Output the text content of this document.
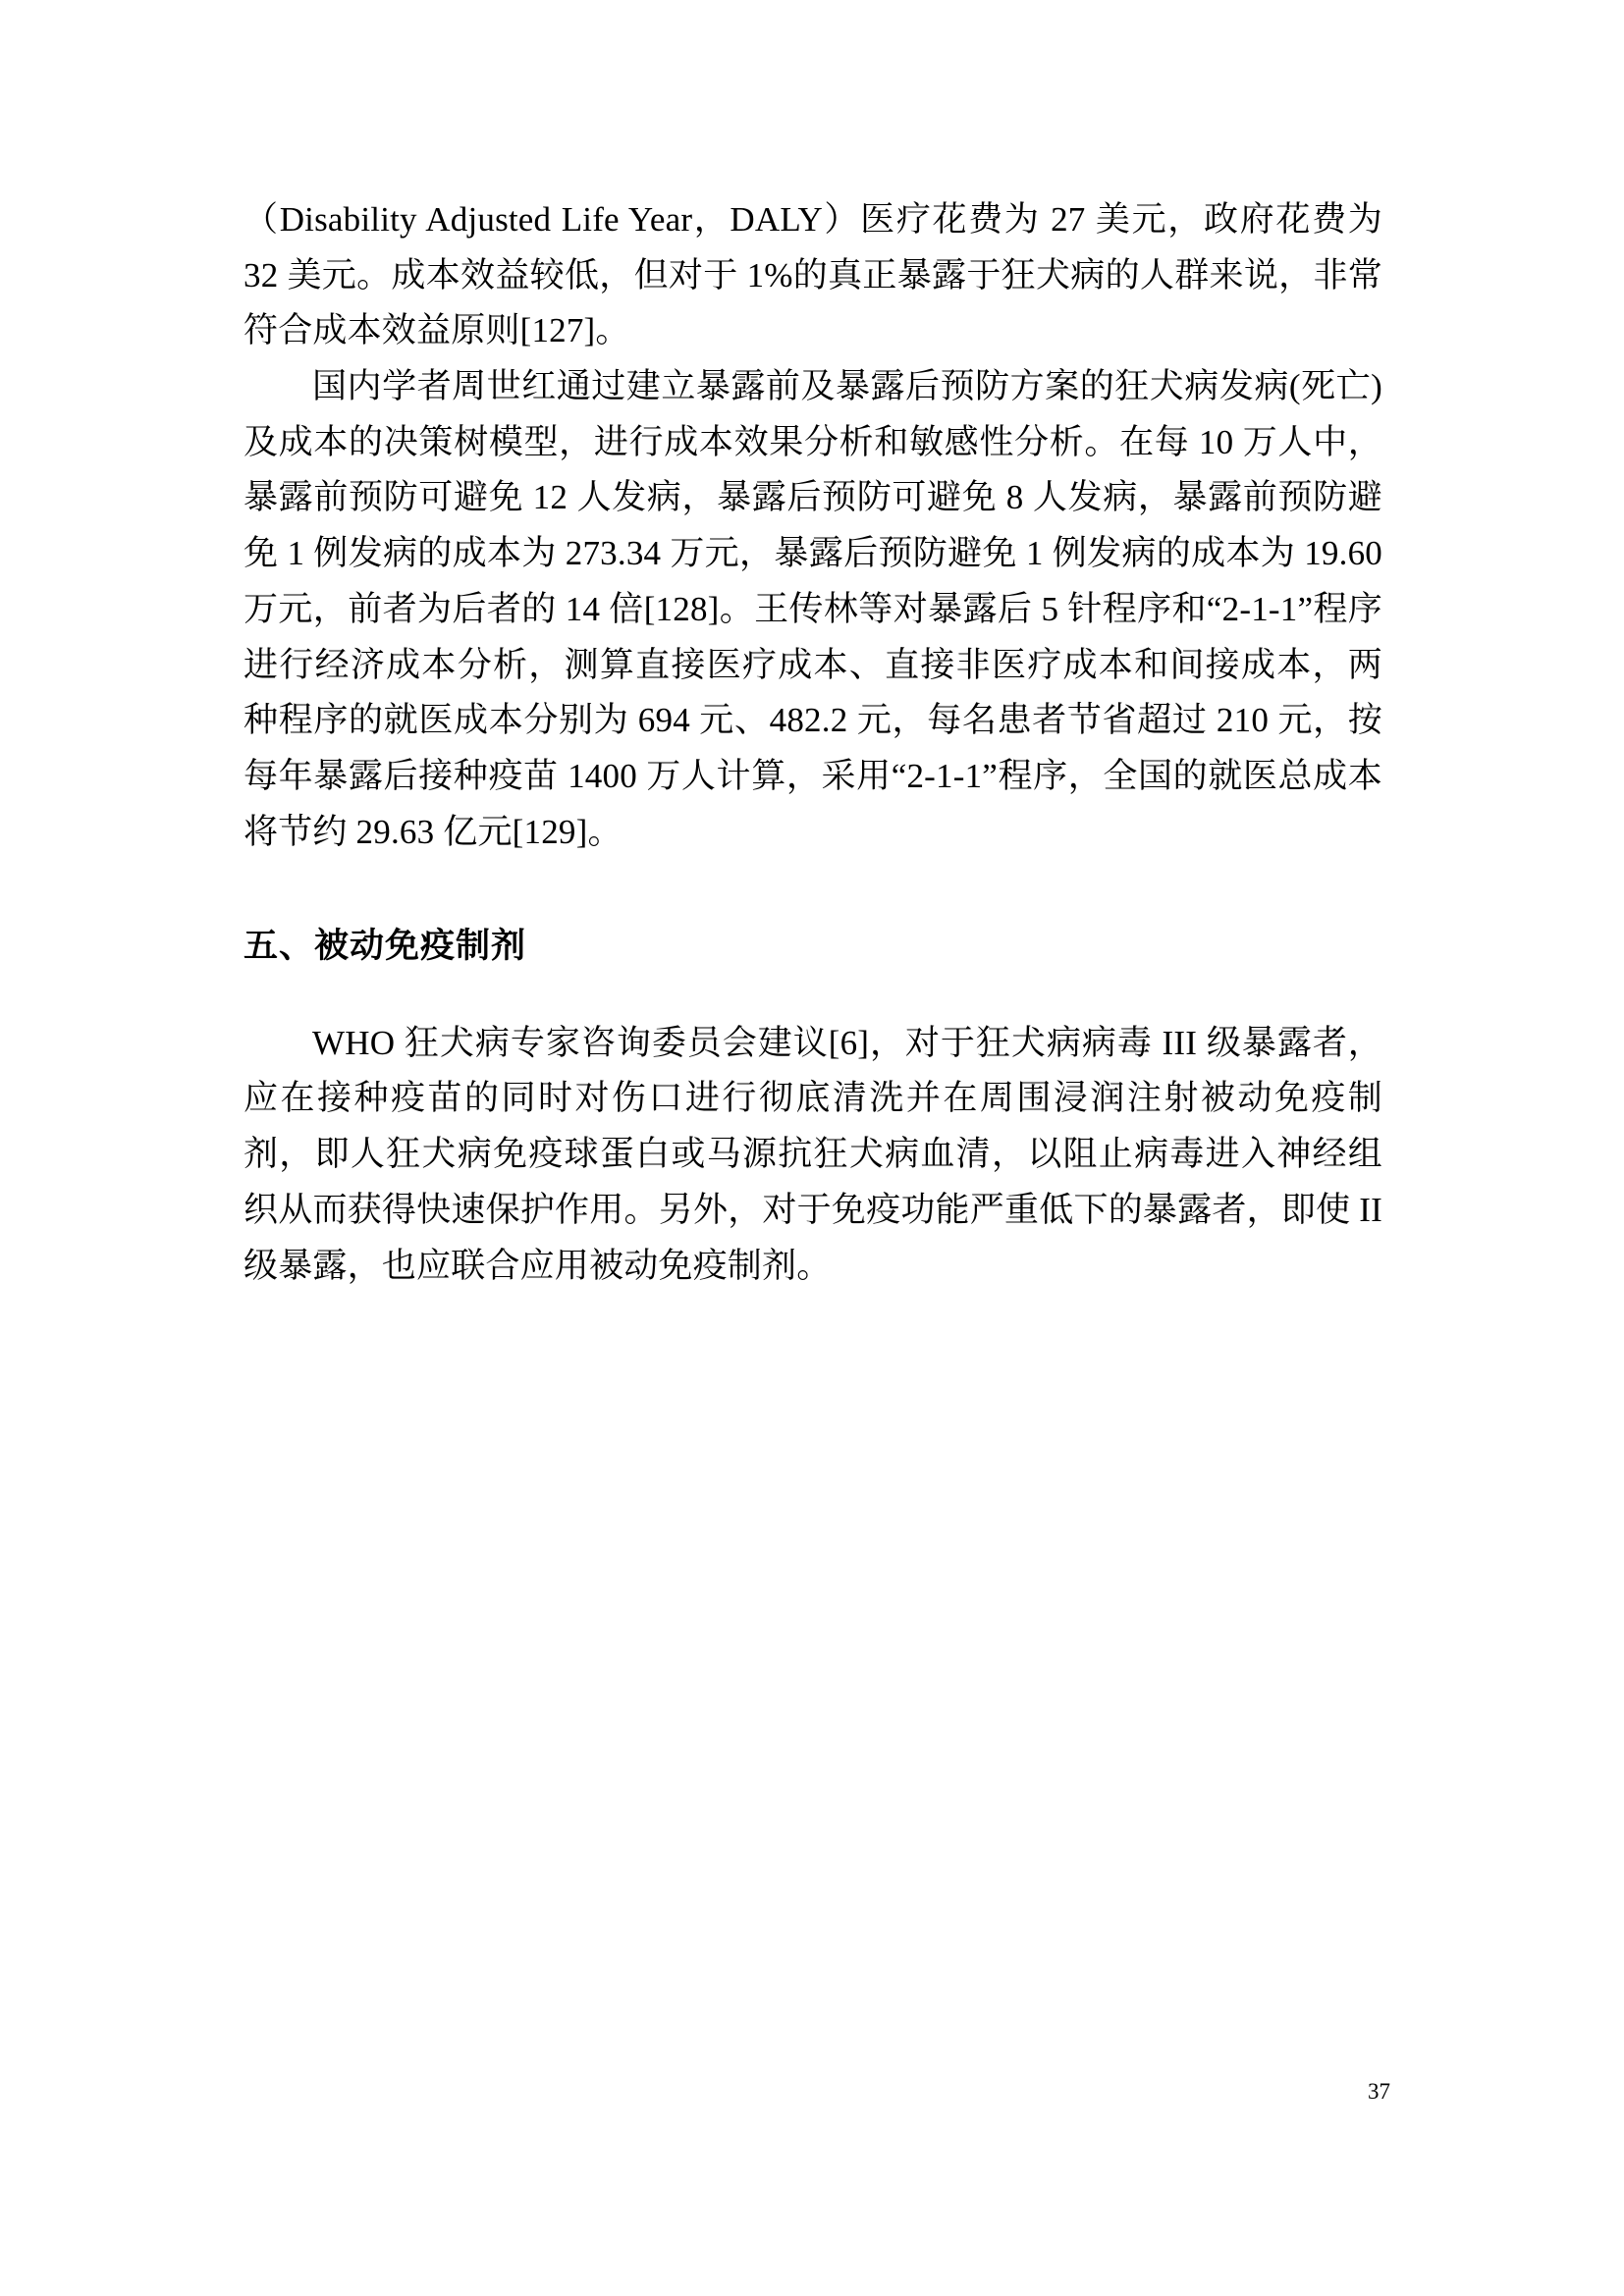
（Disability Adjusted Life Year，DALY）医疗花费为 27 美元，政府花费为 32 美元。成本效益较低，但对于 1%的真正暴露于狂犬病的人群来说，非常符合成本效益原则[127]。

国内学者周世红通过建立暴露前及暴露后预防方案的狂犬病发病(死亡)及成本的决策树模型，进行成本效果分析和敏感性分析。在每 10 万人中，暴露前预防可避免 12 人发病，暴露后预防可避免 8 人发病，暴露前预防避免 1 例发病的成本为 273.34 万元，暴露后预防避免 1 例发病的成本为 19.60 万元，前者为后者的 14 倍[128]。王传林等对暴露后 5 针程序和“2-1-1”程序进行经济成本分析，测算直接医疗成本、直接非医疗成本和间接成本，两种程序的就医成本分别为 694 元、482.2 元，每名患者节省超过 210 元，按每年暴露后接种疫苗 1400 万人计算，采用“2-1-1”程序，全国的就医总成本将节约 29.63 亿元[129]。

五、被动免疫制剂

WHO 狂犬病专家咨询委员会建议[6]，对于狂犬病病毒 III 级暴露者，应在接种疫苗的同时对伤口进行彻底清洗并在周围浸润注射被动免疫制剂，即人狂犬病免疫球蛋白或马源抗狂犬病血清，以阻止病毒进入神经组织从而获得快速保护作用。另外，对于免疫功能严重低下的暴露者，即使 II 级暴露，也应联合应用被动免疫制剂。

37
